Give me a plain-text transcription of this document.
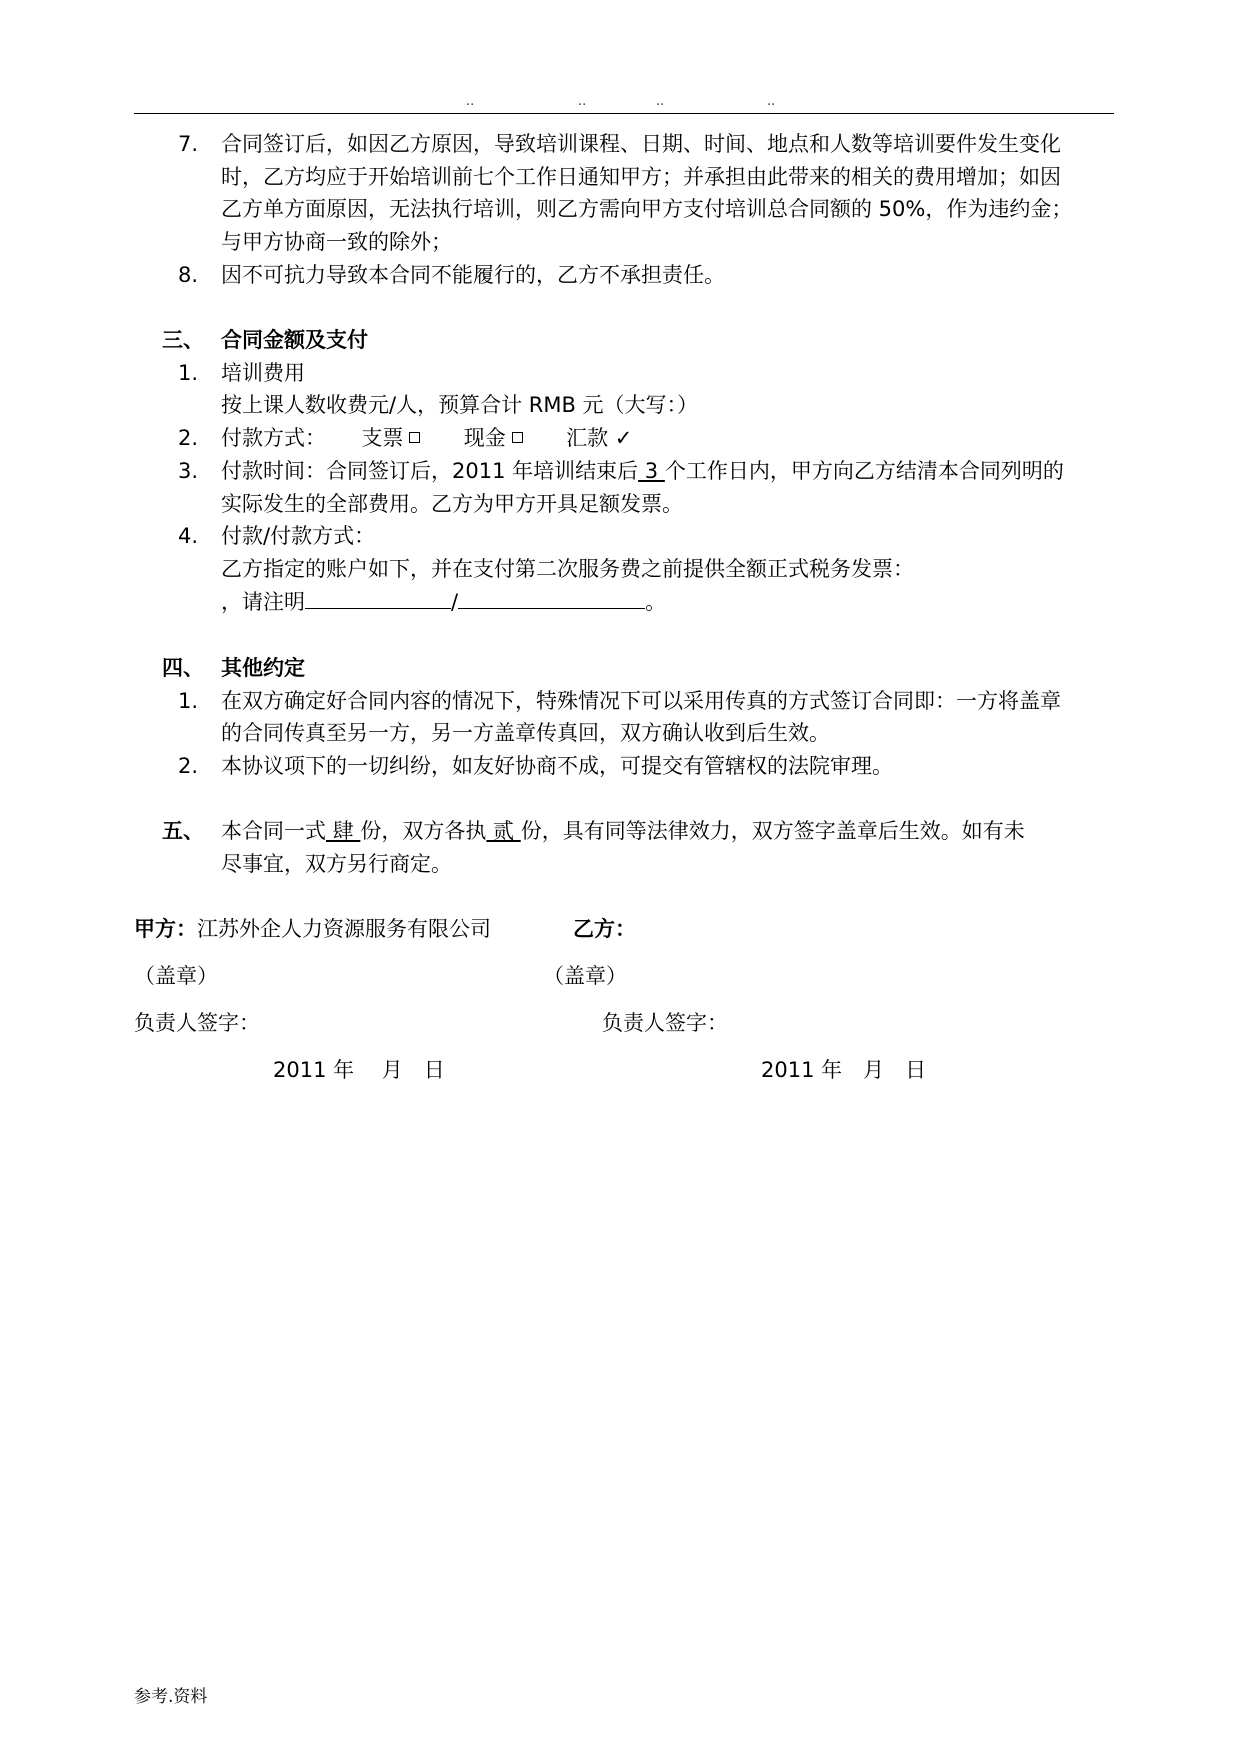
..	..	..	..
7. 合同签订后，如因乙方原因，导致培训课程、日期、时间、地点和人数等培训要件发生变化
时，乙方均应于开始培训前七个工作日通知甲方；并承担由此带来的相关的费用增加；如因
乙方单方面原因，无法执行培训，则乙方需向甲方支付培训总合同额的 50%，作为违约金；
与甲方协商一致的除外；
8. 因不可抗力导致本合同不能履行的，乙方不承担责任。
三、 合同金额及支付
1. 培训费用
按上课人数收费元/人，预算合计 RMB 元（大写：）
2. 付款方式： 支票	现金	汇款 ✓
3. 付款时间：合同签订后，2011 年培训结束后 3 个工作日内，甲方向乙方结清本合同列明的
实际发生的全部费用。乙方为甲方开具足额发票。
4. 付款/付款方式：
乙方指定的账户如下，并在支付第二次服务费之前提供全额正式税务发票：
，请注明	/	。
四、 其他约定
1. 在双方确定好合同内容的情况下，特殊情况下可以采用传真的方式签订合同即：一方将盖章
的合同传真至另一方，另一方盖章传真回，双方确认收到后生效。
2. 本协议项下的一切纠纷，如友好协商不成，可提交有管辖权的法院审理。
五、 本合同一式 肆 份，双方各执 贰 份，具有同等法律效力，双方签字盖章后生效。如有未
尽事宜，双方另行商定。
甲方：江苏外企人力资源服务有限公司	乙方：
（盖章）	（盖章）
负责人签字：	负责人签字：
2011 年　 月　日	2011 年　月　日
参考.资料
